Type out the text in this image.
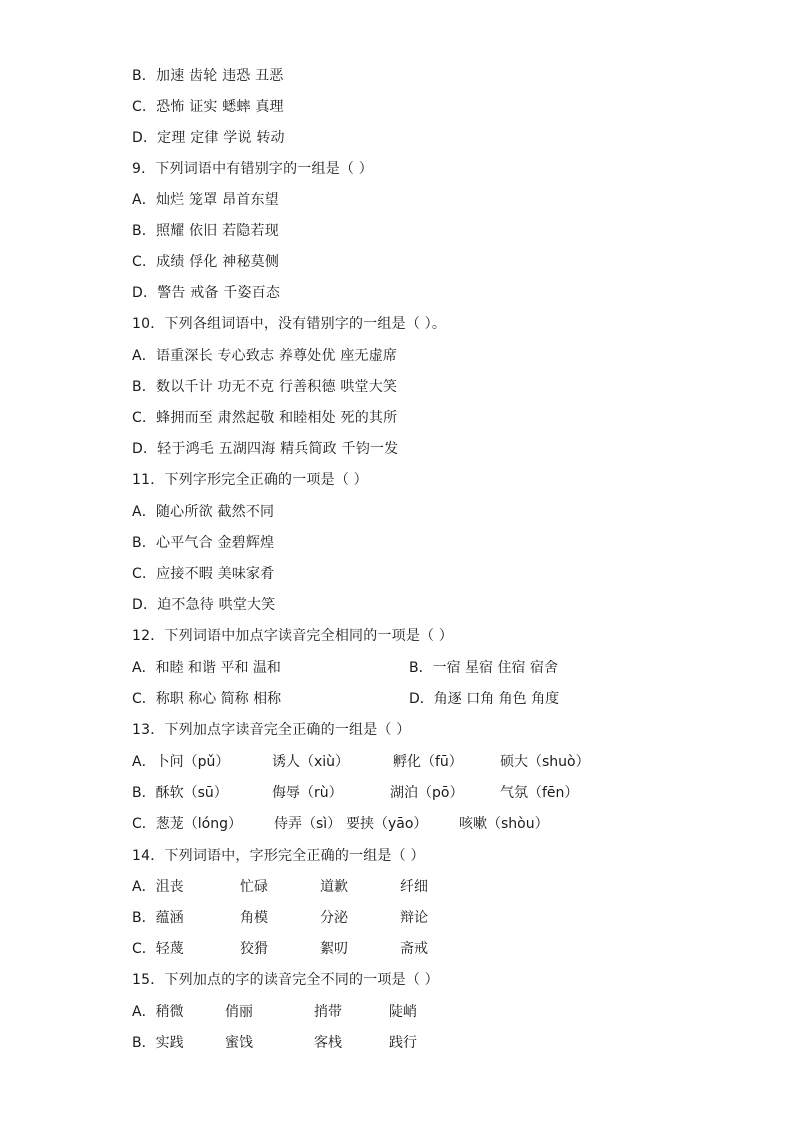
B．加速 齿轮 违恐 丑恶
C．恐怖 证实 蟋蟀 真理
D．定理 定律 学说 转动
9．下列词语中有错别字的一组是（ ）
A．灿烂 笼罩 昂首东望
B．照耀 依旧 若隐若现
C．成绩 俘化 神秘莫侧
D．警告 戒备 千姿百态
10．下列各组词语中，没有错别字的一组是（ ）。
A．语重深长 专心致志 养尊处优 座无虚席
B．数以千计 功无不克 行善积德 哄堂大笑
C．蜂拥而至 肃然起敬 和睦相处 死的其所
D．轻于鸿毛 五湖四海 精兵简政 千钧一发
11．下列字形完全正确的一项是（ ）
A．随心所欲 截然不同
B．心平气合 金碧辉煌
C．应接不暇 美味家肴
D．迫不急待 哄堂大笑
12．下列词语中加点字读音完全相同的一项是（ ）
A．和睦 和谐 平和 温和	B．一宿 星宿 住宿 宿舍
C．称职 称心 简称 相称	D．角逐 口角 角色 角度
13．下列加点字读音完全正确的一组是（ ）
A．卜问（pǔ）	诱人（xiù）	孵化（fū）	硕大（shuò）
B．酥软（sū）	侮辱（rù）	湖泊（pō）	气氛（fēn）
C．葱茏（lóng） 侍弄（sì） 要挟（yāo） 咳嗽（shòu）
14．下列词语中，字形完全正确的一组是（ ）
A．沮丧	忙碌	道歉	纤细
B．蕴涵	角模	分泌	辩论
C．轻蔑	狡猾	絮叨	斋戒
15．下列加点的字的读音完全不同的一项是（ ）
A．稍微	俏丽	捎带	陡峭
B．实践	蜜饯	客栈	践行
